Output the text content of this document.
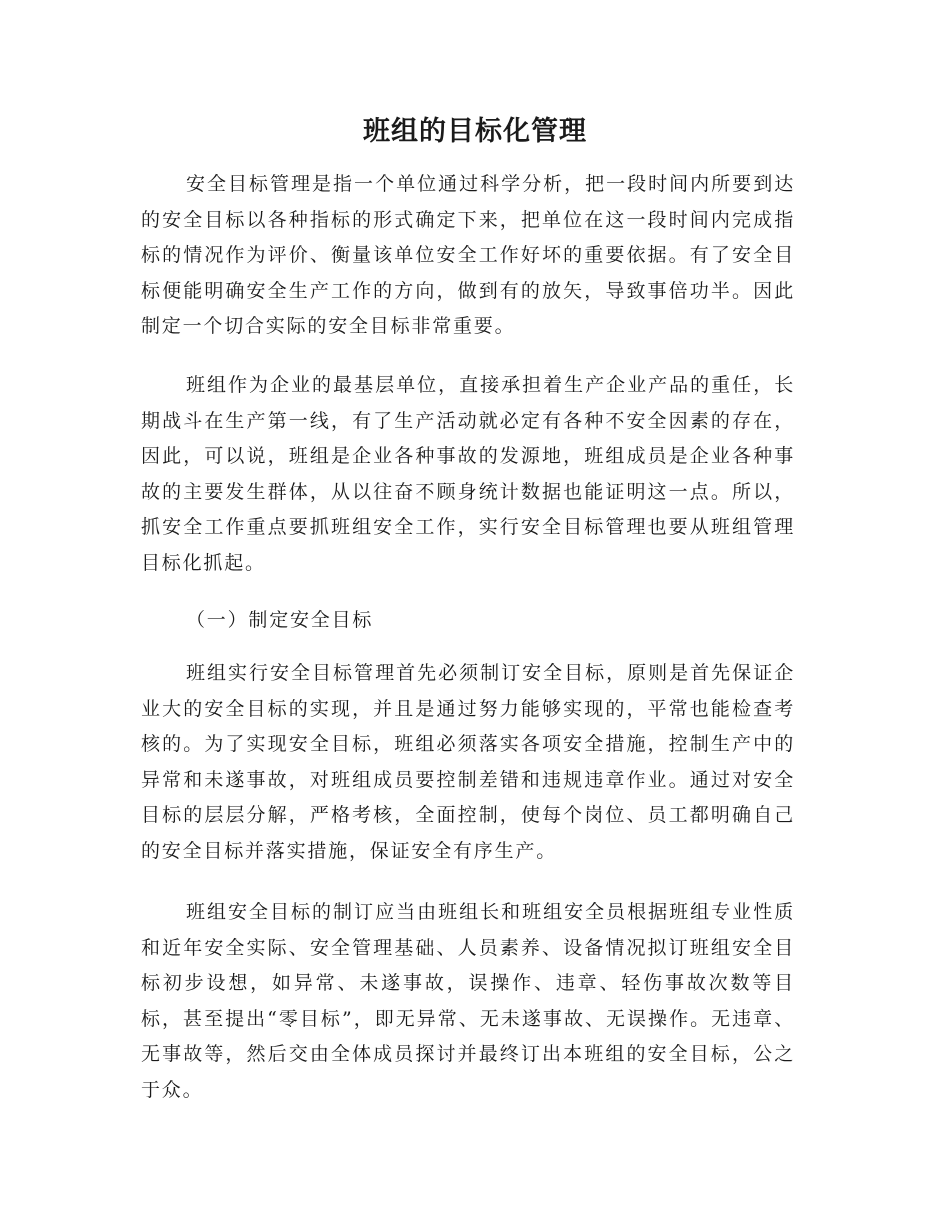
班组的目标化管理

安全目标管理是指一个单位通过科学分析，把一段时间内所要到达的安全目标以各种指标的形式确定下来，把单位在这一段时间内完成指标的情况作为评价、衡量该单位安全工作好坏的重要依据。有了安全目标便能明确安全生产工作的方向，做到有的放矢，导致事倍功半。因此制定一个切合实际的安全目标非常重要。

班组作为企业的最基层单位，直接承担着生产企业产品的重任，长期战斗在生产第一线，有了生产活动就必定有各种不安全因素的存在，因此，可以说，班组是企业各种事故的发源地，班组成员是企业各种事故的主要发生群体，从以往奋不顾身统计数据也能证明这一点。所以，抓安全工作重点要抓班组安全工作，实行安全目标管理也要从班组管理目标化抓起。

（一）制定安全目标

班组实行安全目标管理首先必须制订安全目标，原则是首先保证企业大的安全目标的实现，并且是通过努力能够实现的，平常也能检查考核的。为了实现安全目标，班组必须落实各项安全措施，控制生产中的异常和未遂事故，对班组成员要控制差错和违规违章作业。通过对安全目标的层层分解，严格考核，全面控制，使每个岗位、员工都明确自己的安全目标并落实措施，保证安全有序生产。

班组安全目标的制订应当由班组长和班组安全员根据班组专业性质和近年安全实际、安全管理基础、人员素养、设备情况拟订班组安全目标初步设想，如异常、未遂事故，误操作、违章、轻伤事故次数等目标，甚至提出“零目标”，即无异常、无未遂事故、无误操作。无违章、无事故等，然后交由全体成员探讨并最终订出本班组的安全目标，公之于众。
